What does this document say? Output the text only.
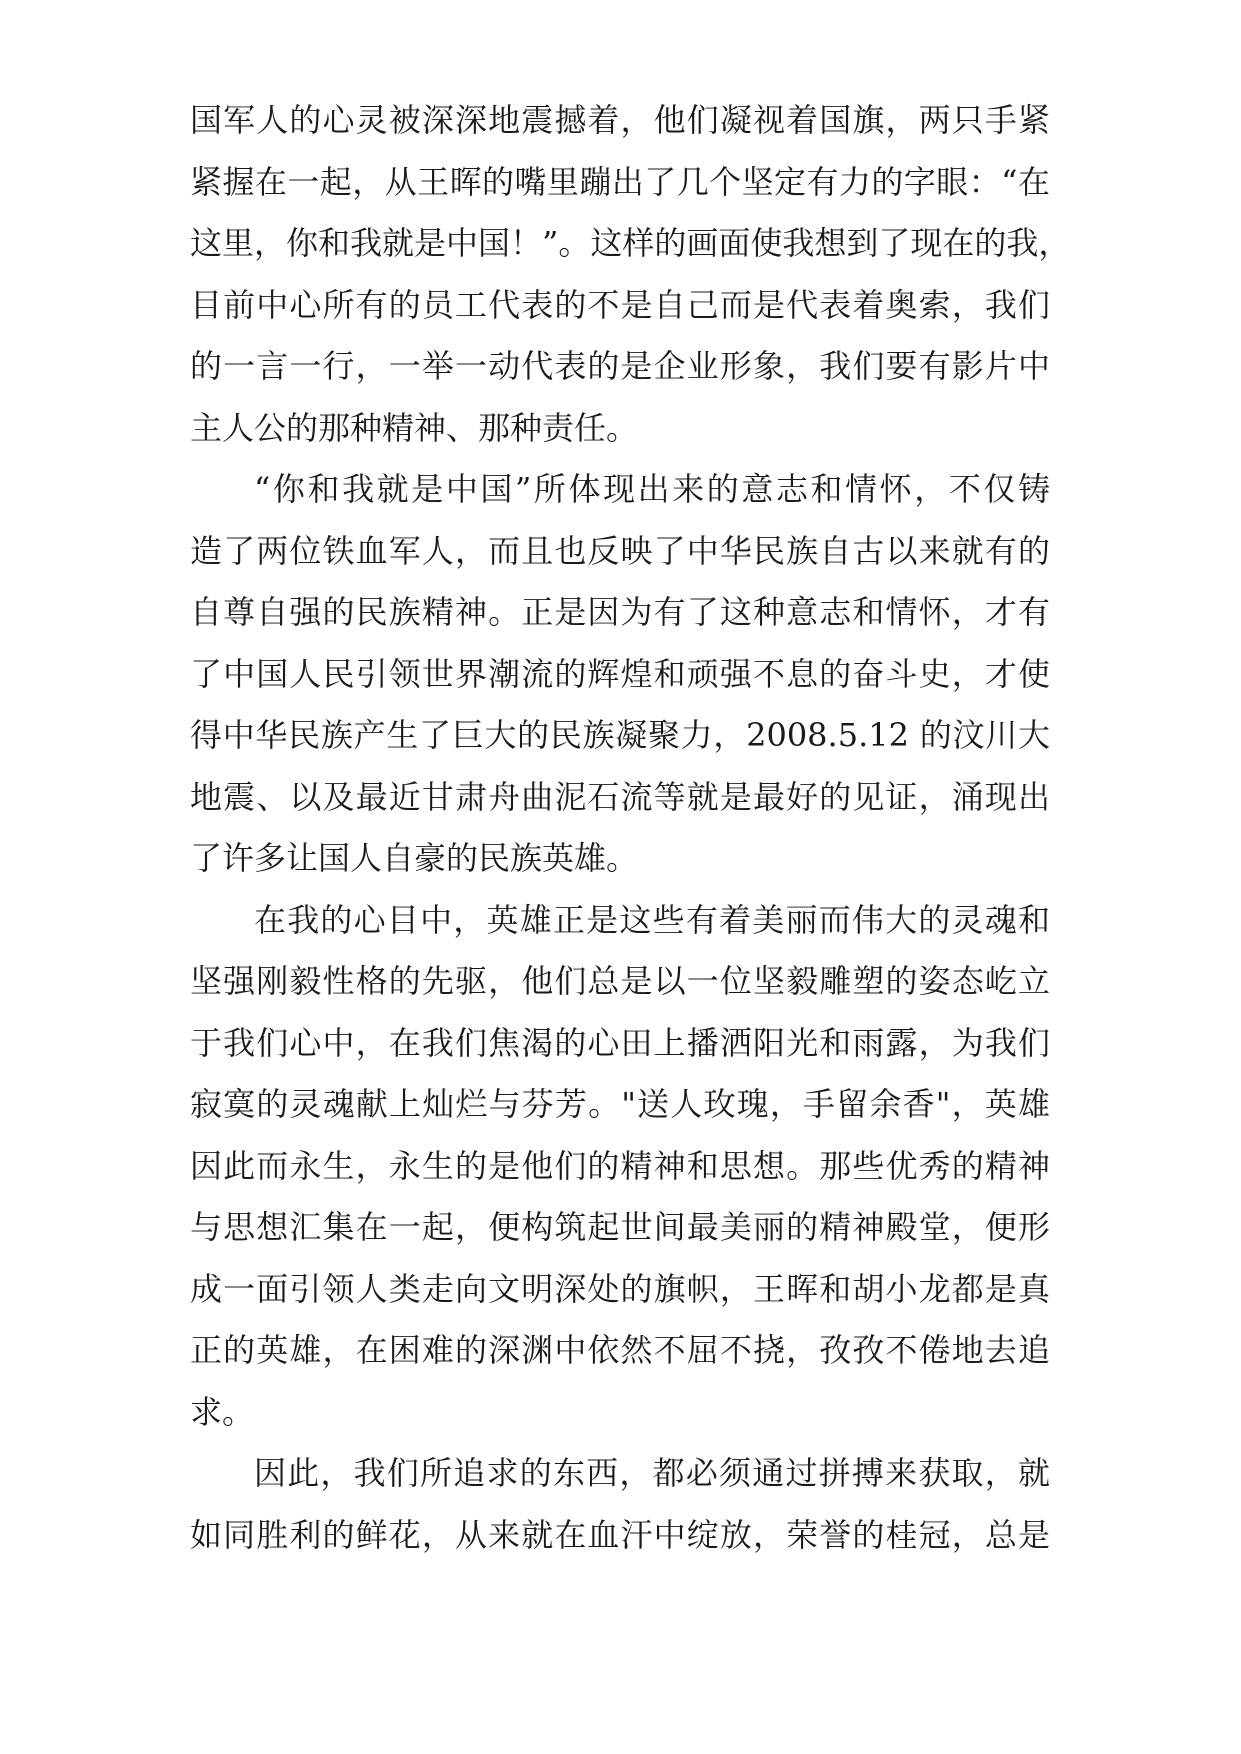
国军人的心灵被深深地震撼着，他们凝视着国旗，两只手紧
紧握在一起，从王晖的嘴里蹦出了几个坚定有力的字眼：“在
这里，你和我就是中国！”。这样的画面使我想到了现在的我，
目前中心所有的员工代表的不是自己而是代表着奥索，我们
的一言一行，一举一动代表的是企业形象，我们要有影片中
主人公的那种精神、那种责任。
“你和我就是中国”所体现出来的意志和情怀，不仅铸
造了两位铁血军人，而且也反映了中华民族自古以来就有的
自尊自强的民族精神。正是因为有了这种意志和情怀，才有
了中国人民引领世界潮流的辉煌和顽强不息的奋斗史，才使
得中华民族产生了巨大的民族凝聚力，2008.5.12 的汶川大
地震、以及最近甘肃舟曲泥石流等就是最好的见证，涌现出
了许多让国人自豪的民族英雄。
在我的心目中，英雄正是这些有着美丽而伟大的灵魂和
坚强刚毅性格的先驱，他们总是以一位坚毅雕塑的姿态屹立
于我们心中，在我们焦渴的心田上播洒阳光和雨露，为我们
寂寞的灵魂献上灿烂与芬芳。"送人玫瑰，手留余香"，英雄
因此而永生，永生的是他们的精神和思想。那些优秀的精神
与思想汇集在一起，便构筑起世间最美丽的精神殿堂，便形
成一面引领人类走向文明深处的旗帜，王晖和胡小龙都是真
正的英雄，在困难的深渊中依然不屈不挠，孜孜不倦地去追
求。
因此，我们所追求的东西，都必须通过拼搏来获取，就
如同胜利的鲜花，从来就在血汗中绽放，荣誉的桂冠，总是
